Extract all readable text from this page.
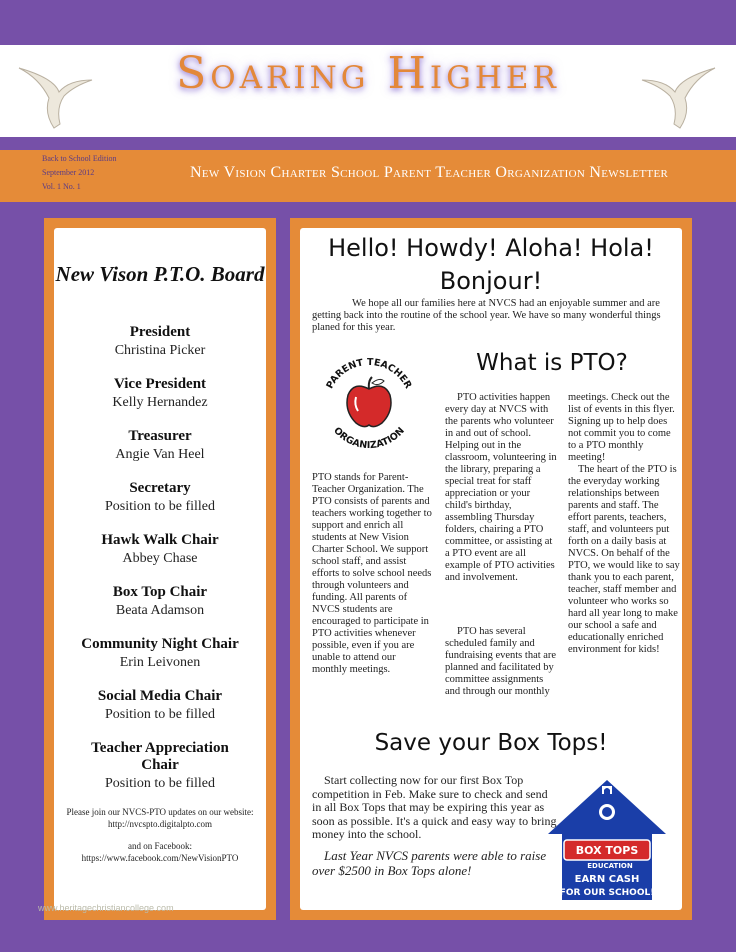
Soaring Higher
Back to School Edition
September 2012
Vol. 1 No. 1
New Vision Charter School Parent Teacher Organization Newsletter
New Vison P.T.O. Board
President
Christina Picker
Vice President
Kelly Hernandez
Treasurer
Angie Van Heel
Secretary
Position to be filled
Hawk Walk Chair
Abbey Chase
Box Top Chair
Beata Adamson
Community Night Chair
Erin Leivonen
Social Media Chair
Position to be filled
Teacher Appreciation Chair
Position to be filled
Please join our NVCS-PTO updates on our website:
http://nvcspto.digitalpto.com
and on Facebook:
https://www.facebook.com/NewVisionPTO
Hello! Howdy! Aloha! Hola! Bonjour!
We hope all our families here at NVCS had an enjoyable summer and are getting back into the routine of the school year. We have so many wonderful things planed for this year.
What is PTO?
PARENT TEACHER
ORGANIZATION
PTO stands for Parent-Teacher Organization. The PTO consists of parents and teachers working together to support and enrich all students at New Vision Charter School. We support school staff, and assist efforts to solve school needs through volunteers and funding. All parents of NVCS students are encouraged to participate in PTO activities whenever possible, even if you are unable to attend our monthly meetings.
PTO activities happen every day at NVCS with the parents who volunteer in and out of school. Helping out in the classroom, volunteering in the library, preparing a special treat for staff appreciation or your child's birthday, assembling Thursday folders, chairing a PTO committee, or assisting at a PTO event are all example of PTO activities and involvement.
PTO has several scheduled family and fundraising events that are planned and facilitated by committee assignments and through our monthly
meetings. Check out the list of events in this flyer. Signing up to help does not commit you to come to a PTO monthly meeting!
The heart of the PTO is the everyday working relationships between parents and staff. The effort parents, teachers, staff, and volunteers put forth on a daily basis at NVCS. On behalf of the PTO, we would like to say thank you to each parent, teacher, staff member and volunteer who works so hard all year long to make our school a safe and educationally enriched environment for kids!
Save your Box Tops!
Start collecting now for our first Box Top competition in Feb. Make sure to check and send in all Box Tops that may be expiring this year as soon as possible. It's a quick and easy way to bring money into the school.
Last Year NVCS parents were able to raise over $2500 in Box Tops alone!
BOX TOPS
EDUCATION
EARN CASH
FOR OUR SCHOOL!
www.heritagechristiancollege.com
